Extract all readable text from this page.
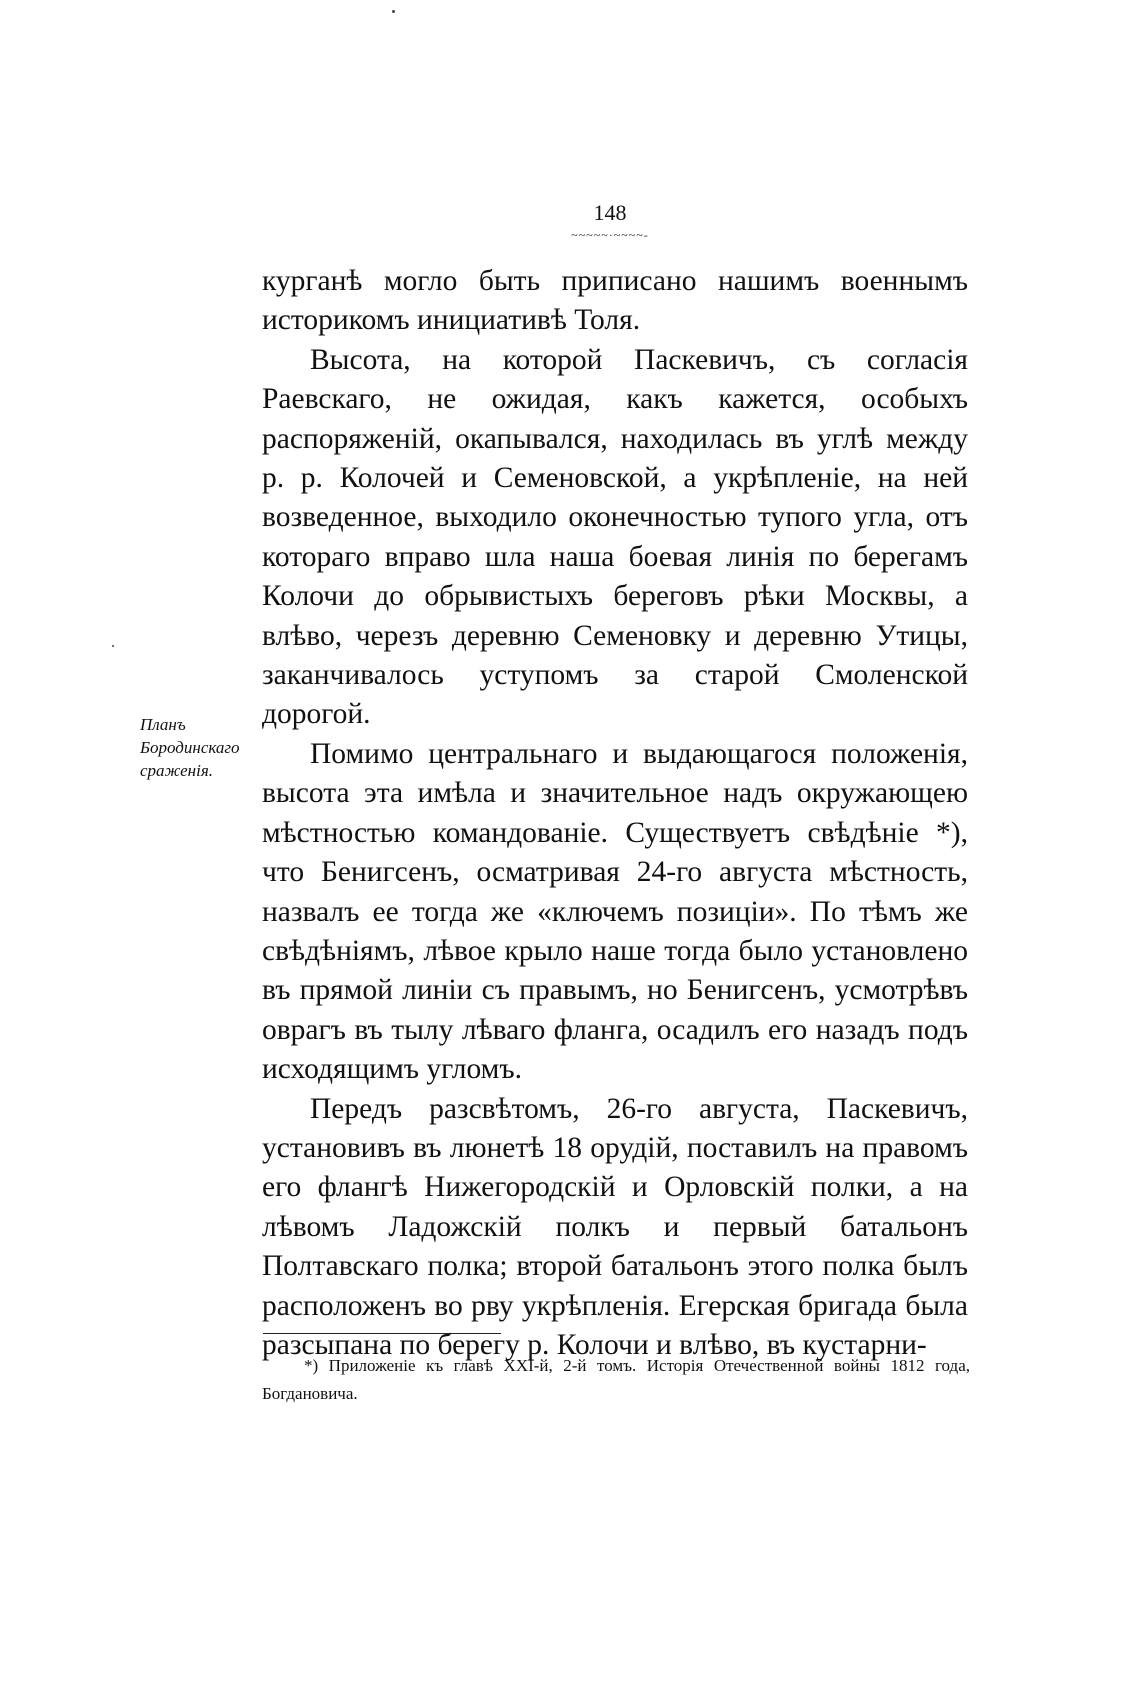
148
~~~~~·~~~~-
Планъ Бородинскаго сраженія.

курганѣ могло быть приписано нашимъ военнымъ историкомъ инициативѣ Толя.

Высота, на которой Паскевичъ, съ согласія Раевскаго, не ожидая, какъ кажется, особыхъ распоряженій, окапывался, находилась въ углѣ между р. р. Колочей и Семеновской, а укрѣпленіе, на ней возведенное, выходило оконечностью тупого угла, отъ котораго вправо шла наша боевая линія по берегамъ Колочи до обрывистыхъ береговъ рѣки Москвы, а влѣво, черезъ деревню Семеновку и деревню Утицы, заканчивалось уступомъ за старой Смоленской дорогой.

Помимо центральнаго и выдающагося положенія, высота эта имѣла и значительное надъ окружающею мѣстностью командованіе. Существуетъ свѣдѣніе *), что Бенигсенъ, осматривая 24-го августа мѣстность, назвалъ ее тогда же «ключемъ позиціи». По тѣмъ же свѣдѣніямъ, лѣвое крыло наше тогда было установлено въ прямой линіи съ правымъ, но Бенигсенъ, усмотрѣвъ оврагъ въ тылу лѣваго фланга, осадилъ его назадъ подъ исходящимъ угломъ.

Передъ разсвѣтомъ, 26-го августа, Паскевичъ, установивъ въ люнетѣ 18 орудій, поставилъ на правомъ его флангѣ Нижегородскій и Орловскій полки, а на лѣвомъ Ладожскій полкъ и первый батальонъ Полтавскаго полка; второй батальонъ этого полка былъ расположенъ во рву укрѣпленія. Егерская бригада была разсыпана по берегу р. Колочи и влѣво, въ кустарни-

*) Приложеніе къ главѣ XXI-й, 2-й томъ. Исторія Отечественной войны 1812 года, Богдановича.
